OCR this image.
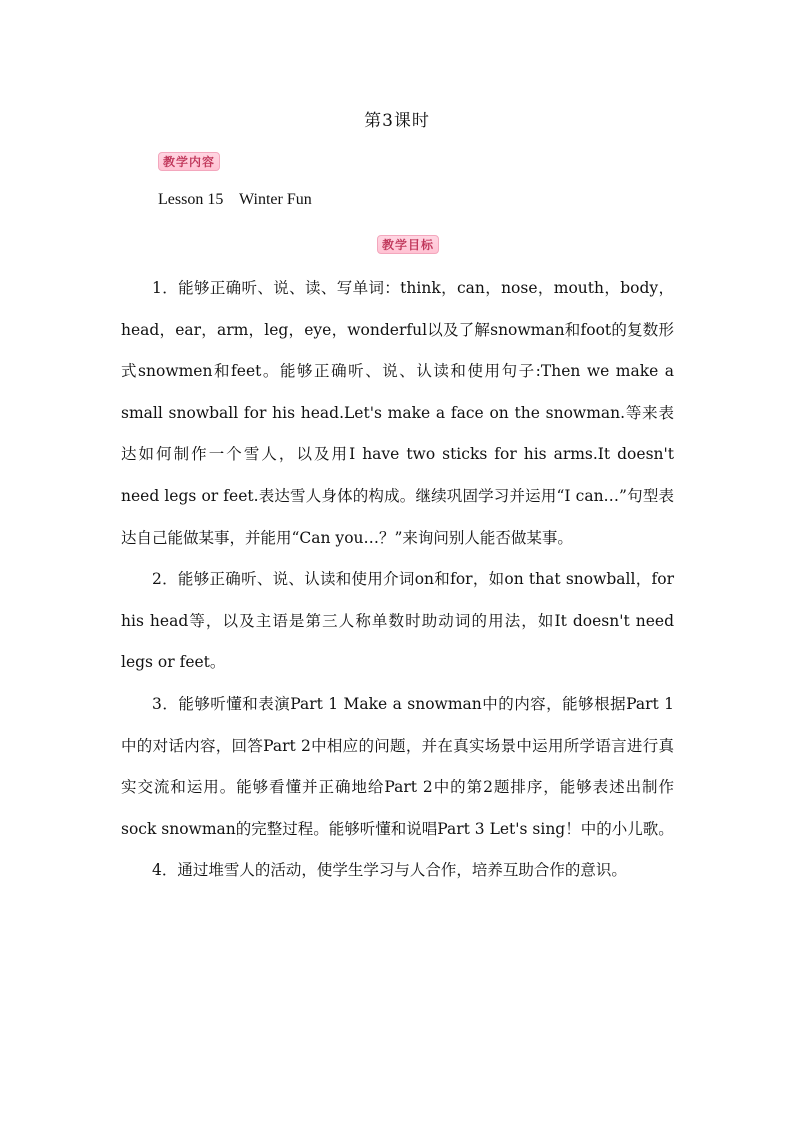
第3课时
教学内容
Lesson 15    Winter Fun
教学目标

1．能够正确听、说、读、写单词：think，can，nose，mouth，body，head，ear，arm，leg，eye，wonderful以及了解snowman和foot的复数形式snowmen和feet。能够正确听、说、认读和使用句子:Then we make a small snowball for his head.Let's make a face on the snowman.等来表达如何制作一个雪人，以及用I have two sticks for his arms.It doesn't need legs or feet.表达雪人身体的构成。继续巩固学习并运用“I can…”句型表达自己能做某事，并能用“Can you…？”来询问别人能否做某事。

2．能够正确听、说、认读和使用介词on和for，如on that snowball，for his head等，以及主语是第三人称单数时助动词的用法，如It doesn't need legs or feet。

3．能够听懂和表演Part 1 Make a snowman中的内容，能够根据Part 1 中的对话内容，回答Part 2中相应的问题，并在真实场景中运用所学语言进行真实交流和运用。能够看懂并正确地给Part 2中的第2题排序，能够表述出制作sock snowman的完整过程。能够听懂和说唱Part 3 Let's sing！中的小儿歌。

4．通过堆雪人的活动，使学生学习与人合作，培养互助合作的意识。
